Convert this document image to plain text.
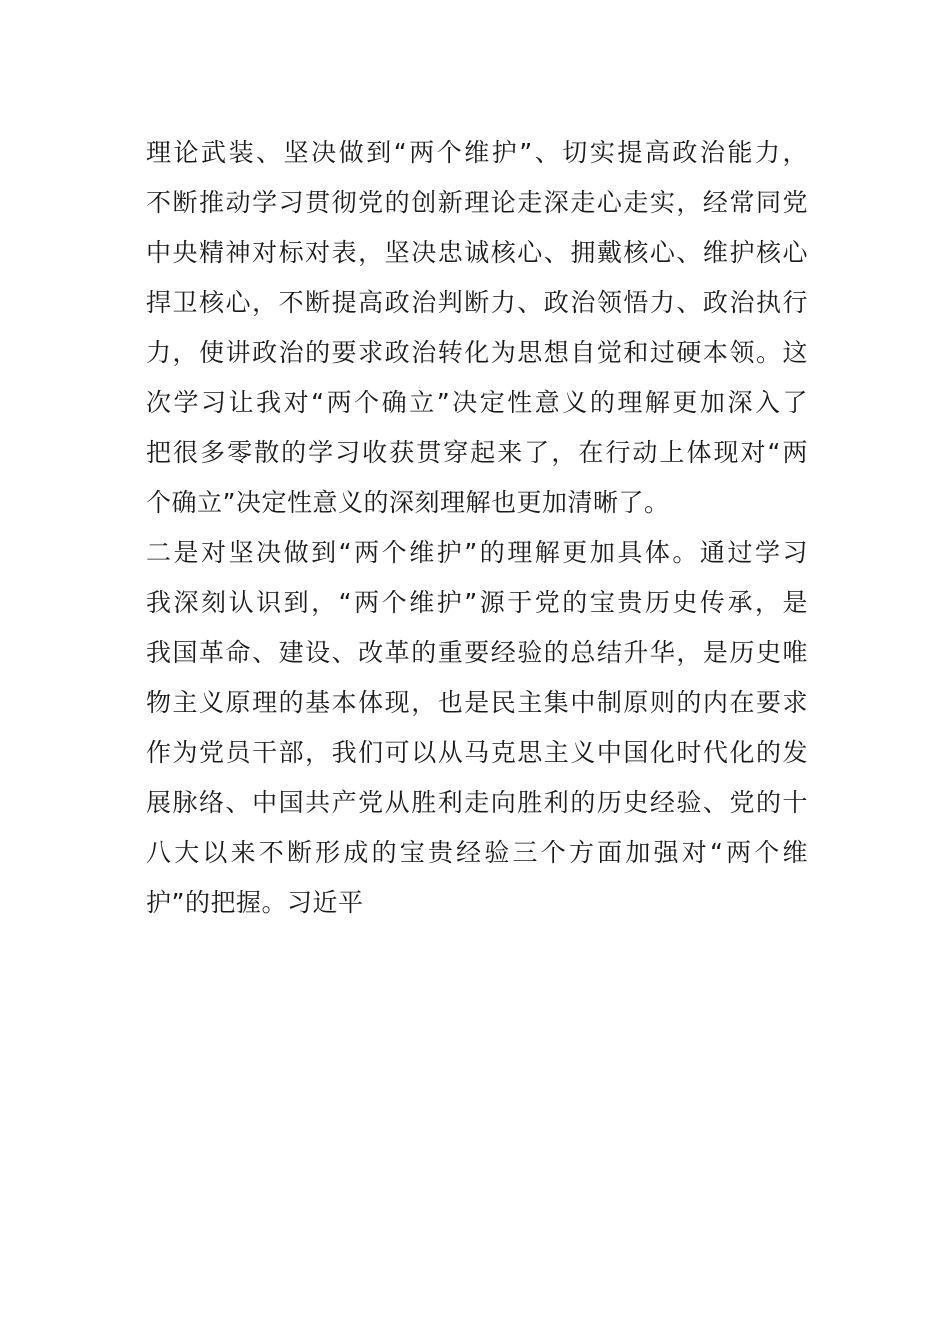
理论武装、坚决做到“两个维护”、切实提高政治能力，
不断推动学习贯彻党的创新理论走深走心走实，经常同党
中央精神对标对表，坚决忠诚核心、拥戴核心、维护核心
捍卫核心，不断提高政治判断力、政治领悟力、政治执行
力，使讲政治的要求政治转化为思想自觉和过硬本领。这
次学习让我对“两个确立”决定性意义的理解更加深入了
把很多零散的学习收获贯穿起来了，在行动上体现对“两
个确立”决定性意义的深刻理解也更加清晰了。
二是对坚决做到“两个维护”的理解更加具体。通过学习
我深刻认识到，“两个维护”源于党的宝贵历史传承，是
我国革命、建设、改革的重要经验的总结升华，是历史唯
物主义原理的基本体现，也是民主集中制原则的内在要求
作为党员干部，我们可以从马克思主义中国化时代化的发
展脉络、中国共产党从胜利走向胜利的历史经验、党的十
八大以来不断形成的宝贵经验三个方面加强对“两个维
护”的把握。习近平
